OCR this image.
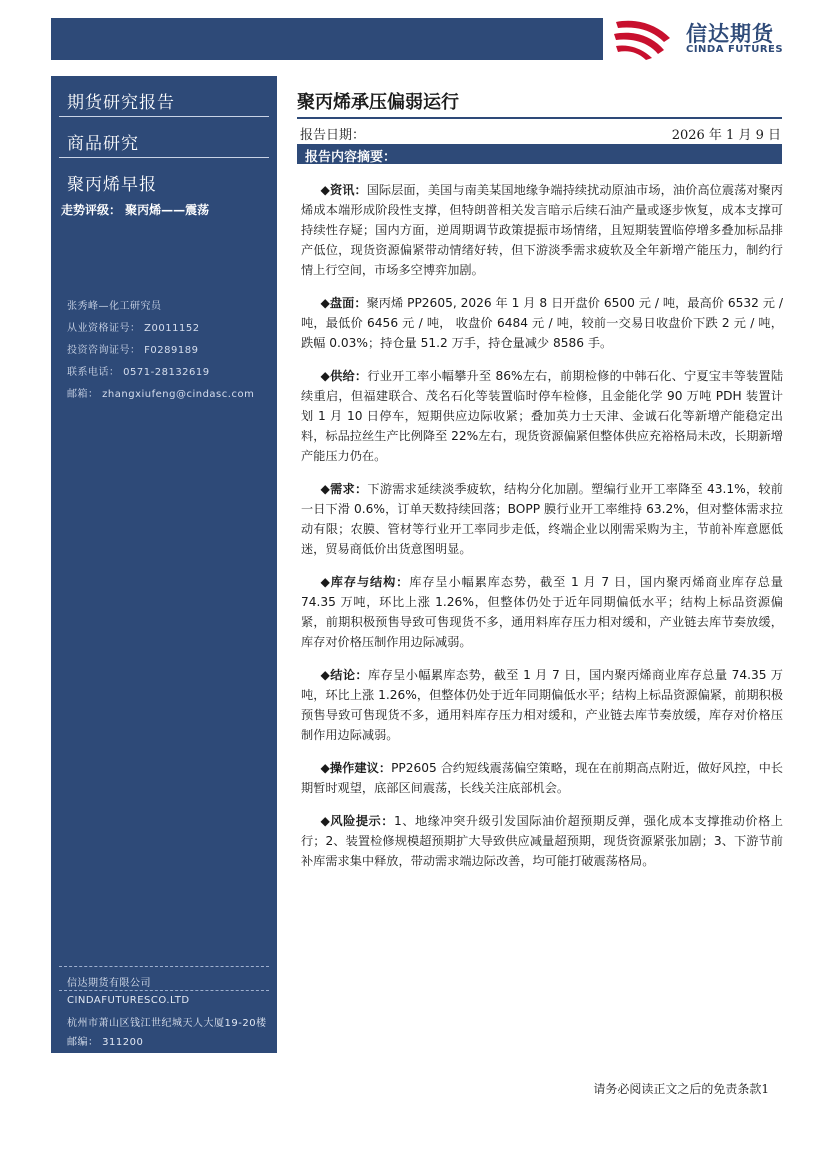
信达期货
CINDA FUTURES
期货研究报告
商品研究
聚丙烯早报
走势评级： 聚丙烯——震荡
张秀峰—化工研究员
从业资格证号： Z0011152
投资咨询证号： F0289189
联系电话： 0571-28132619
邮箱： zhangxiufeng@cindasc.com
信达期货有限公司
CINDAFUTURESCO.LTD
杭州市萧山区钱江世纪城天人大厦19-20楼
邮编： 311200
聚丙烯承压偏弱运行
报告日期：	2026 年 1 月 9 日
报告内容摘要：

◆资讯：国际层面，美国与南美某国地缘争端持续扰动原油市场，油价高位震荡对聚丙烯成本端形成阶段性支撑，但特朗普相关发言暗示后续石油产量或逐步恢复，成本支撑可持续性存疑；国内方面，逆周期调节政策提振市场情绪，且短期装置临停增多叠加标品排产低位，现货资源偏紧带动情绪好转，但下游淡季需求疲软及全年新增产能压力，制约行情上行空间，市场多空博弈加剧。

◆盘面：聚丙烯 PP2605, 2026 年 1 月 8 日开盘价 6500 元 / 吨，最高价 6532 元 / 吨，最低价 6456 元 / 吨， 收盘价 6484 元 / 吨，较前一交易日收盘价下跌 2 元 / 吨，跌幅 0.03%；持仓量 51.2 万手，持仓量减少 8586 手。

◆供给：行业开工率小幅攀升至 86%左右，前期检修的中韩石化、宁夏宝丰等装置陆续重启，但福建联合、茂名石化等装置临时停车检修，且金能化学 90 万吨 PDH 装置计划 1 月 10 日停车，短期供应边际收紧；叠加英力士天津、金诚石化等新增产能稳定出料，标品拉丝生产比例降至 22%左右，现货资源偏紧但整体供应充裕格局未改，长期新增产能压力仍在。

◆需求：下游需求延续淡季疲软，结构分化加剧。塑编行业开工率降至 43.1%，较前一日下滑 0.6%，订单天数持续回落；BOPP 膜行业开工率维持 63.2%，但对整体需求拉动有限；农膜、管材等行业开工率同步走低，终端企业以刚需采购为主，节前补库意愿低迷，贸易商低价出货意图明显。

◆库存与结构：库存呈小幅累库态势，截至 1 月 7 日，国内聚丙烯商业库存总量 74.35 万吨，环比上涨 1.26%，但整体仍处于近年同期偏低水平；结构上标品资源偏紧，前期积极预售导致可售现货不多，通用料库存压力相对缓和，产业链去库节奏放缓，库存对价格压制作用边际减弱。

◆结论：库存呈小幅累库态势，截至 1 月 7 日，国内聚丙烯商业库存总量 74.35 万吨，环比上涨 1.26%，但整体仍处于近年同期偏低水平；结构上标品资源偏紧，前期积极预售导致可售现货不多，通用料库存压力相对缓和，产业链去库节奏放缓，库存对价格压制作用边际减弱。

◆操作建议：PP2605 合约短线震荡偏空策略，现在在前期高点附近，做好风控，中长期暂时观望，底部区间震荡，长线关注底部机会。

◆风险提示：1、地缘冲突升级引发国际油价超预期反弹，强化成本支撑推动价格上行；2、装置检修规模超预期扩大导致供应减量超预期，现货资源紧张加剧；3、下游节前补库需求集中释放，带动需求端边际改善，均可能打破震荡格局。

请务必阅读正文之后的免责条款1
